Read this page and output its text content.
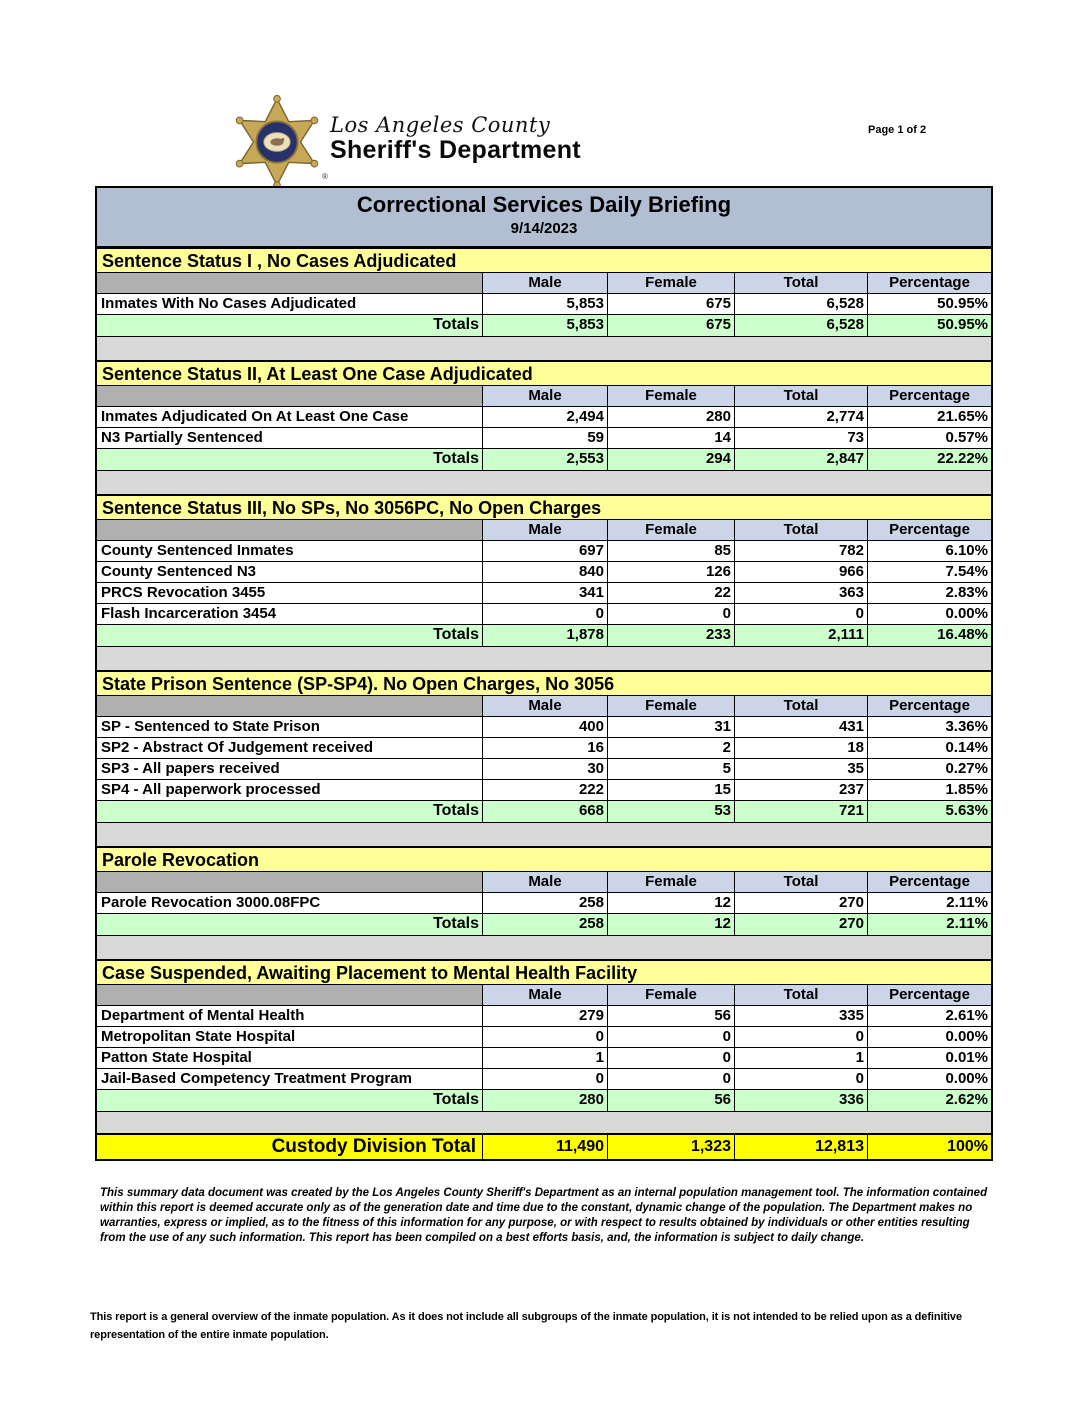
®
Los Angeles County
Sheriff's Department
Page 1 of 2
Correctional Services Daily Briefing
9/14/2023
Sentence Status I , No Cases Adjudicated
Male	Female	Total	Percentage
Inmates With No Cases Adjudicated	5,853	675	6,528	50.95%
Totals	5,853	675	6,528	50.95%
Sentence Status II, At Least One Case Adjudicated
Male	Female	Total	Percentage
Inmates Adjudicated On At Least One Case	2,494	280	2,774	21.65%
N3 Partially Sentenced	59	14	73	0.57%
Totals	2,553	294	2,847	22.22%
Sentence Status III, No SPs, No 3056PC, No Open Charges
Male	Female	Total	Percentage
County Sentenced Inmates	697	85	782	6.10%
County Sentenced N3	840	126	966	7.54%
PRCS Revocation 3455	341	22	363	2.83%
Flash Incarceration 3454	0	0	0	0.00%
Totals	1,878	233	2,111	16.48%
State Prison Sentence (SP-SP4). No Open Charges, No 3056
Male	Female	Total	Percentage
SP - Sentenced to State Prison	400	31	431	3.36%
SP2 - Abstract Of Judgement received	16	2	18	0.14%
SP3 - All papers received	30	5	35	0.27%
SP4 - All paperwork processed	222	15	237	1.85%
Totals	668	53	721	5.63%
Parole Revocation
Male	Female	Total	Percentage
Parole Revocation 3000.08FPC	258	12	270	2.11%
Totals	258	12	270	2.11%
Case Suspended, Awaiting Placement to Mental Health Facility
Male	Female	Total	Percentage
Department of Mental Health	279	56	335	2.61%
Metropolitan State Hospital	0	0	0	0.00%
Patton State Hospital	1	0	1	0.01%
Jail-Based Competency Treatment Program	0	0	0	0.00%
Totals	280	56	336	2.62%
Custody Division Total	11,490	1,323	12,813	100%
This summary data document was created by the Los Angeles County Sheriff's Department as an internal population management tool. The information contained within this report is deemed accurate only as of the generation date and time due to the constant, dynamic change of the population. The Department makes no warranties, express or implied, as to the fitness of this information for any purpose, or with respect to results obtained by individuals or other entities resulting from the use of any such information. This report has been compiled on a best efforts basis, and, the information is subject to daily change.
This report is a general overview of the inmate population. As it does not include all subgroups of the inmate population, it is not intended to be relied upon as a definitive representation of the entire inmate population.
